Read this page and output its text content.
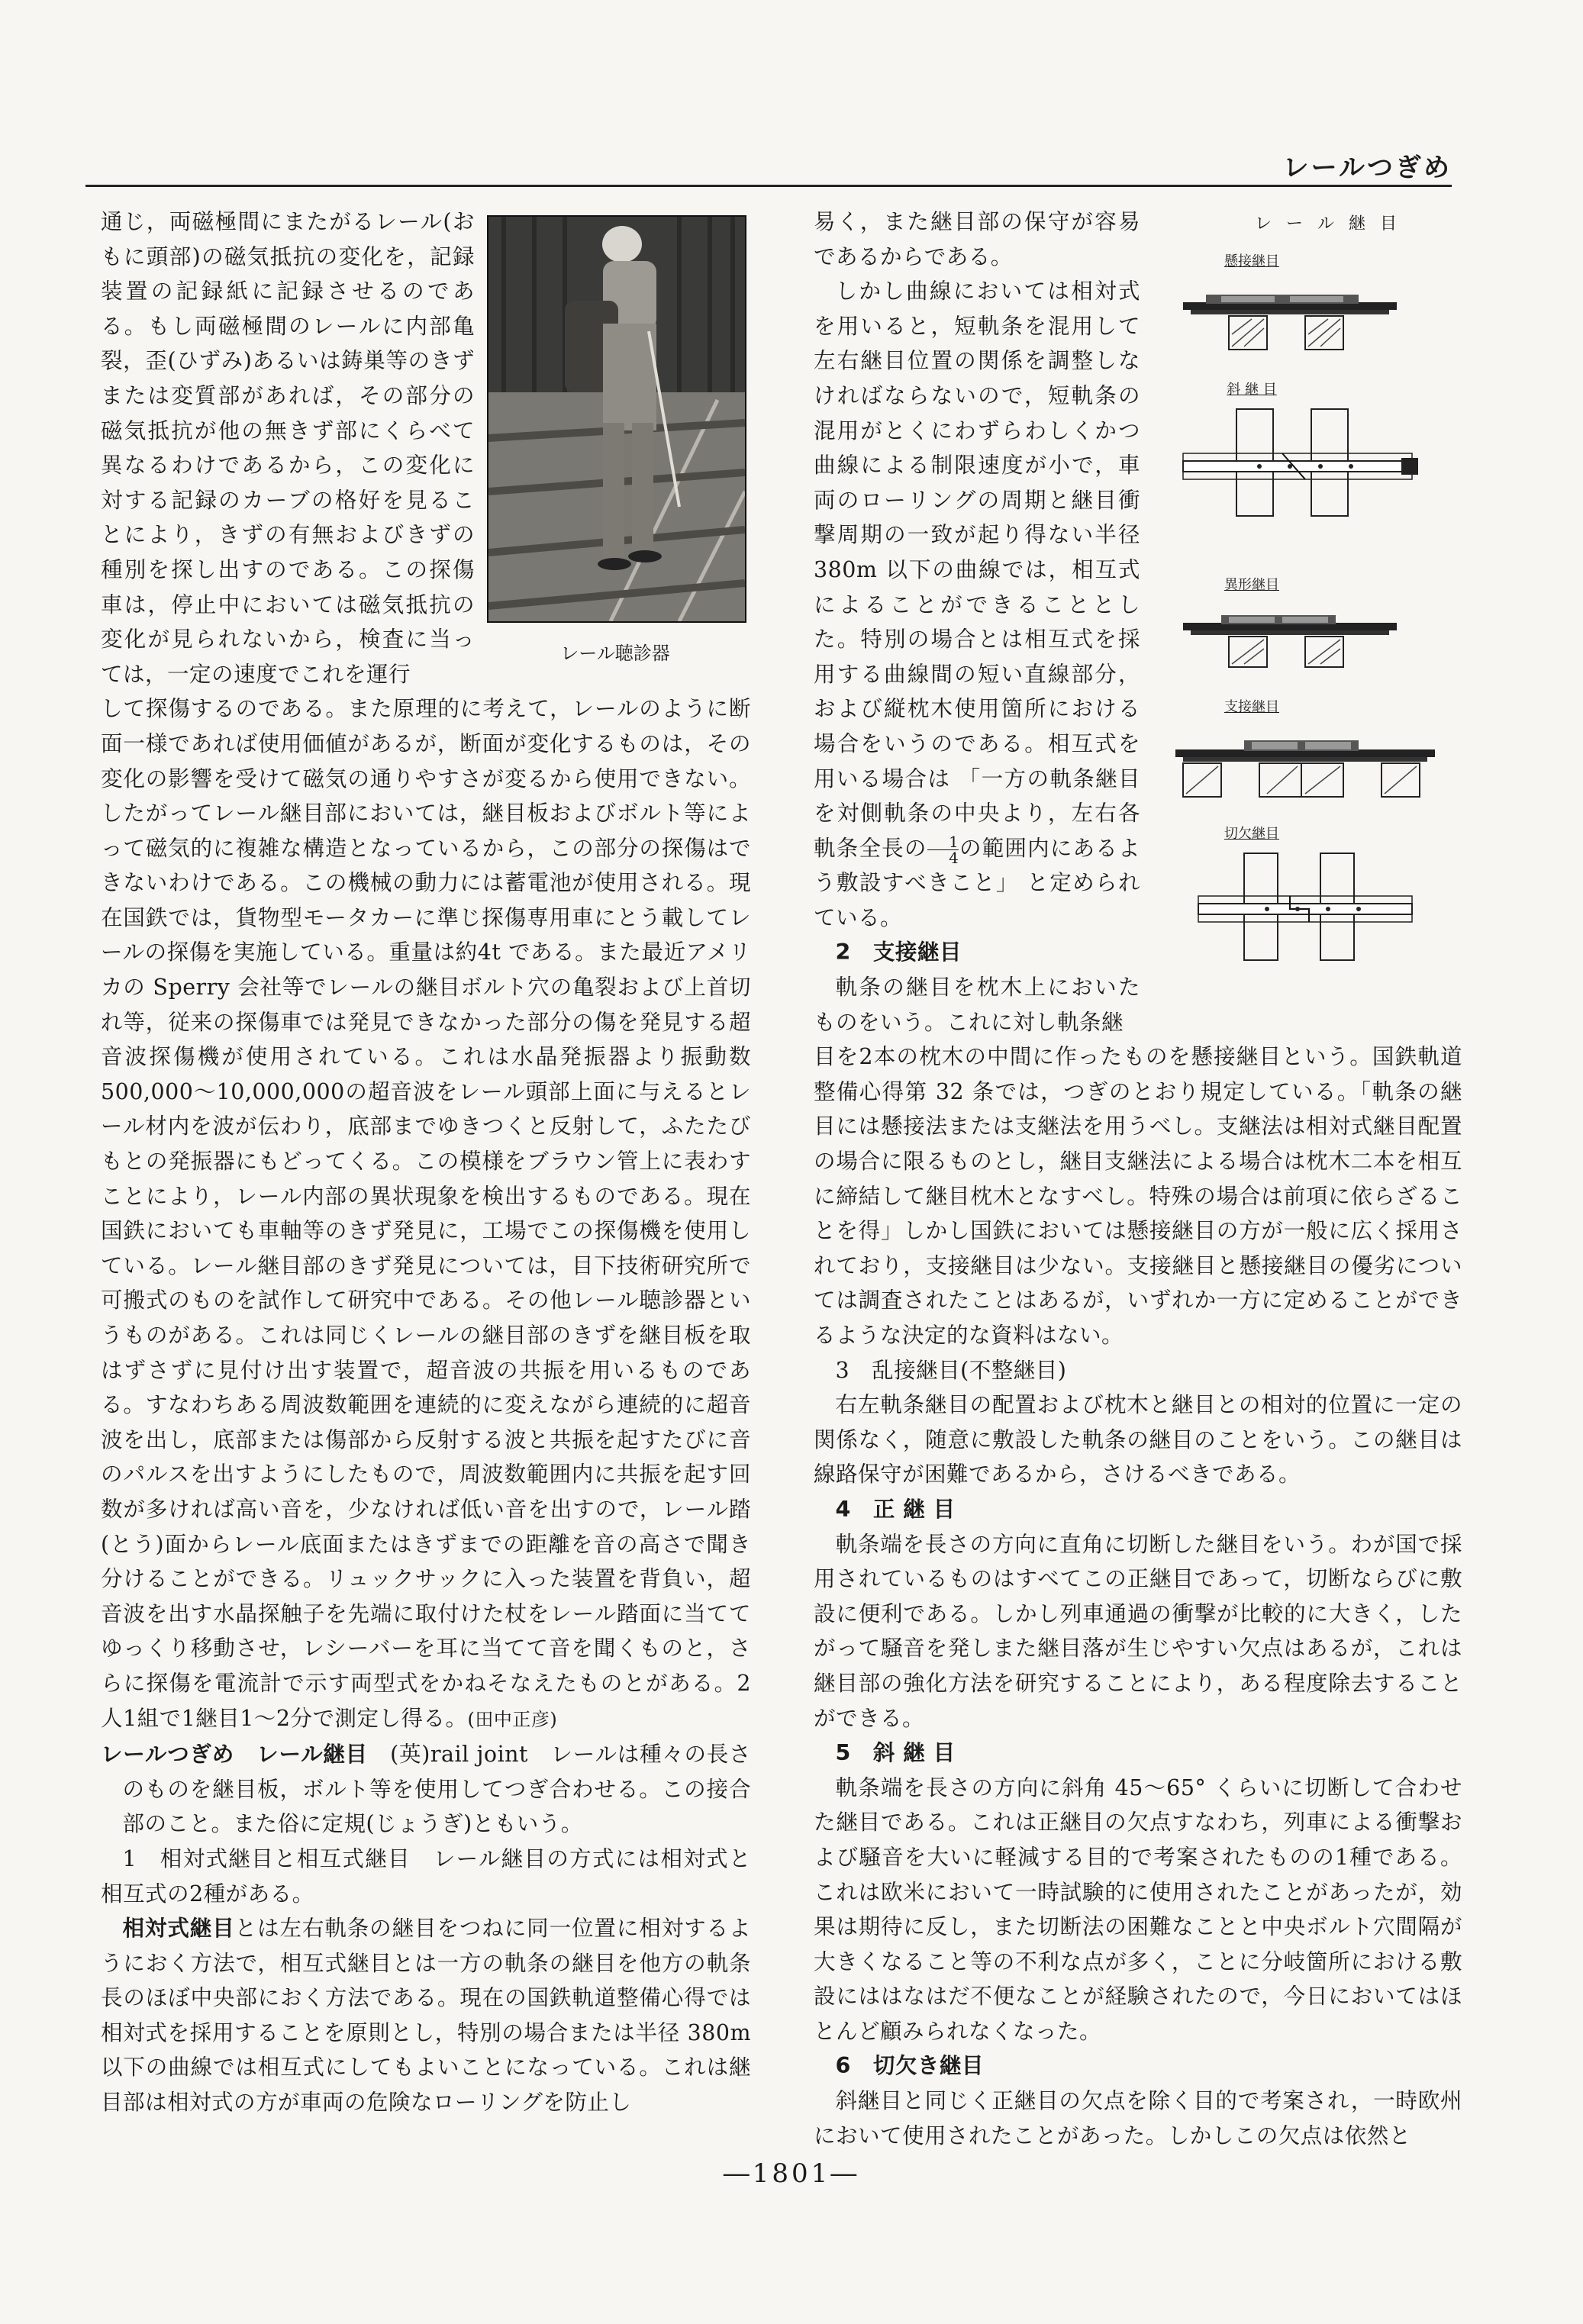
レールつぎめ
レール聴診器

通じ，両磁極間にまたがるレール(おもに頭部)の磁気抵抗の変化を，記録装置の記録紙に記録させるのである。もし両磁極間のレールに内部亀裂，歪(ひずみ)あるいは鋳巣等のきずまたは変質部があれば，その部分の磁気抵抗が他の無きず部にくらべて異なるわけであるから，この変化に対する記録のカーブの格好を見ることにより，きずの有無およびきずの種別を探し出すのである。この探傷車は，停止中においては磁気抵抗の変化が見られないから，検査に当っては，一定の速度でこれを運行

して探傷するのである。また原理的に考えて，レールのように断面一様であれば使用価値があるが，断面が変化するものは，その変化の影響を受けて磁気の通りやすさが変るから使用できない。したがってレール継目部においては，継目板およびボルト等によって磁気的に複雑な構造となっているから，この部分の探傷はできないわけである。この機械の動力には蓄電池が使用される。現在国鉄では，貨物型モータカーに準じ探傷専用車にとう載してレールの探傷を実施している。重量は約4t である。また最近アメリカの Sperry 会社等でレールの継目ボルト穴の亀裂および上首切れ等，従来の探傷車では発見できなかった部分の傷を発見する超音波探傷機が使用されている。これは水晶発振器より振動数 500,000～10,000,000の超音波をレール頭部上面に与えるとレール材内を波が伝わり，底部までゆきつくと反射して，ふたたびもとの発振器にもどってくる。この模様をブラウン管上に表わすことにより，レール内部の異状現象を検出するものである。現在国鉄においても車軸等のきず発見に，工場でこの探傷機を使用している。レール継目部のきず発見については，目下技術研究所で可搬式のものを試作して研究中である。その他レール聴診器というものがある。これは同じくレールの継目部のきずを継目板を取はずさずに見付け出す装置で，超音波の共振を用いるものである。すなわちある周波数範囲を連続的に変えながら連続的に超音波を出し，底部または傷部から反射する波と共振を起すたびに音のパルスを出すようにしたもので，周波数範囲内に共振を起す回数が多ければ高い音を，少なければ低い音を出すので，レール踏(とう)面からレール底面またはきずまでの距離を音の高さで聞き分けることができる。リュックサックに入った装置を背負い，超音波を出す水晶探触子を先端に取付けた杖をレール踏面に当ててゆっくり移動させ，レシーバーを耳に当てて音を聞くものと，さらに探傷を電流計で示す両型式をかねそなえたものとがある。2人1組で1継目1～2分で測定し得る。(田中正彦)

レールつぎめ　レール継目　 (英)rail joint　 レールは種々の長さのものを継目板，ボルト等を使用してつぎ合わせる。この接合部のこと。また俗に定規(じょうぎ)ともいう。

1　相対式継目と相互式継目　 レール継目の方式には相対式と相互式の2種がある。

相対式継目とは左右軌条の継目をつねに同一位置に相対するようにおく方法で，相互式継目とは一方の軌条の継目を他方の軌条長のほぼ中央部におく方法である。現在の国鉄軌道整備心得では相対式を採用することを原則とし，特別の場合または半径 380m 以下の曲線では相互式にしてもよいことになっている。これは継目部は相対式の方が車両の危険なローリングを防止し

易く，また継目部の保守が容易であるからである。

しかし曲線においては相対式を用いると，短軌条を混用して左右継目位置の関係を調整しなければならないので，短軌条の混用がとくにわずらわしくかつ曲線による制限速度が小で，車両のローリングの周期と継目衝撃周期の一致が起り得ない半径 380m 以下の曲線では，相互式によることができることとした。特別の場合とは相互式を採用する曲線間の短い直線部分，および縦枕木使用箇所における場合をいうのである。相互式を用いる場合は 「一方の軌条継目を対側軌条の中央より，左右各軌条全長の $\frac{1}{4}$ の範囲内にあるよう敷設すべきこと」 と定められている。

2　支接継目

軌条の継目を枕木上においたものをいう。これに対し軌条継

目を2本の枕木の中間に作ったものを懸接継目という。国鉄軌道整備心得第 32 条では，つぎのとおり規定している。「軌条の継目には懸接法または支継法を用うべし。支継法は相対式継目配置の場合に限るものとし，継目支継法による場合は枕木二本を相互に締結して継目枕木となすべし。特殊の場合は前項に依らざることを得」しかし国鉄においては懸接継目の方が一般に広く採用されており，支接継目は少ない。支接継目と懸接継目の優劣については調査されたことはあるが，いずれか一方に定めることができるような決定的な資料はない。

3　乱接継目(不整継目)

右左軌条継目の配置および枕木と継目との相対的位置に一定の関係なく，随意に敷設した軌条の継目のことをいう。この継目は線路保守が困難であるから，さけるべきである。

4　正 継 目

軌条端を長さの方向に直角に切断した継目をいう。わが国で採用されているものはすべてこの正継目であって，切断ならびに敷設に便利である。しかし列車通過の衝撃が比較的に大きく，したがって騒音を発しまた継目落が生じやすい欠点はあるが，これは継目部の強化方法を研究することにより，ある程度除去することができる。

5　斜 継 目

軌条端を長さの方向に斜角 45～65° くらいに切断して合わせた継目である。これは正継目の欠点すなわち，列車による衝撃および騒音を大いに軽減する目的で考案されたものの1種である。これは欧米において一時試験的に使用されたことがあったが，効果は期待に反し，また切断法の困難なことと中央ボルト穴間隔が大きくなること等の不利な点が多く，ことに分岐箇所における敷設にははなはだ不便なことが経験されたので，今日においてはほとんど顧みられなくなった。

6　切欠き継目

斜継目と同じく正継目の欠点を除く目的で考案され，一時欧州において使用されたことがあった。しかしこの欠点は依然と

レ ー ル 継 目
懸接継目
斜 継 目
異形継目
支接継目
切欠継目
―1801―
